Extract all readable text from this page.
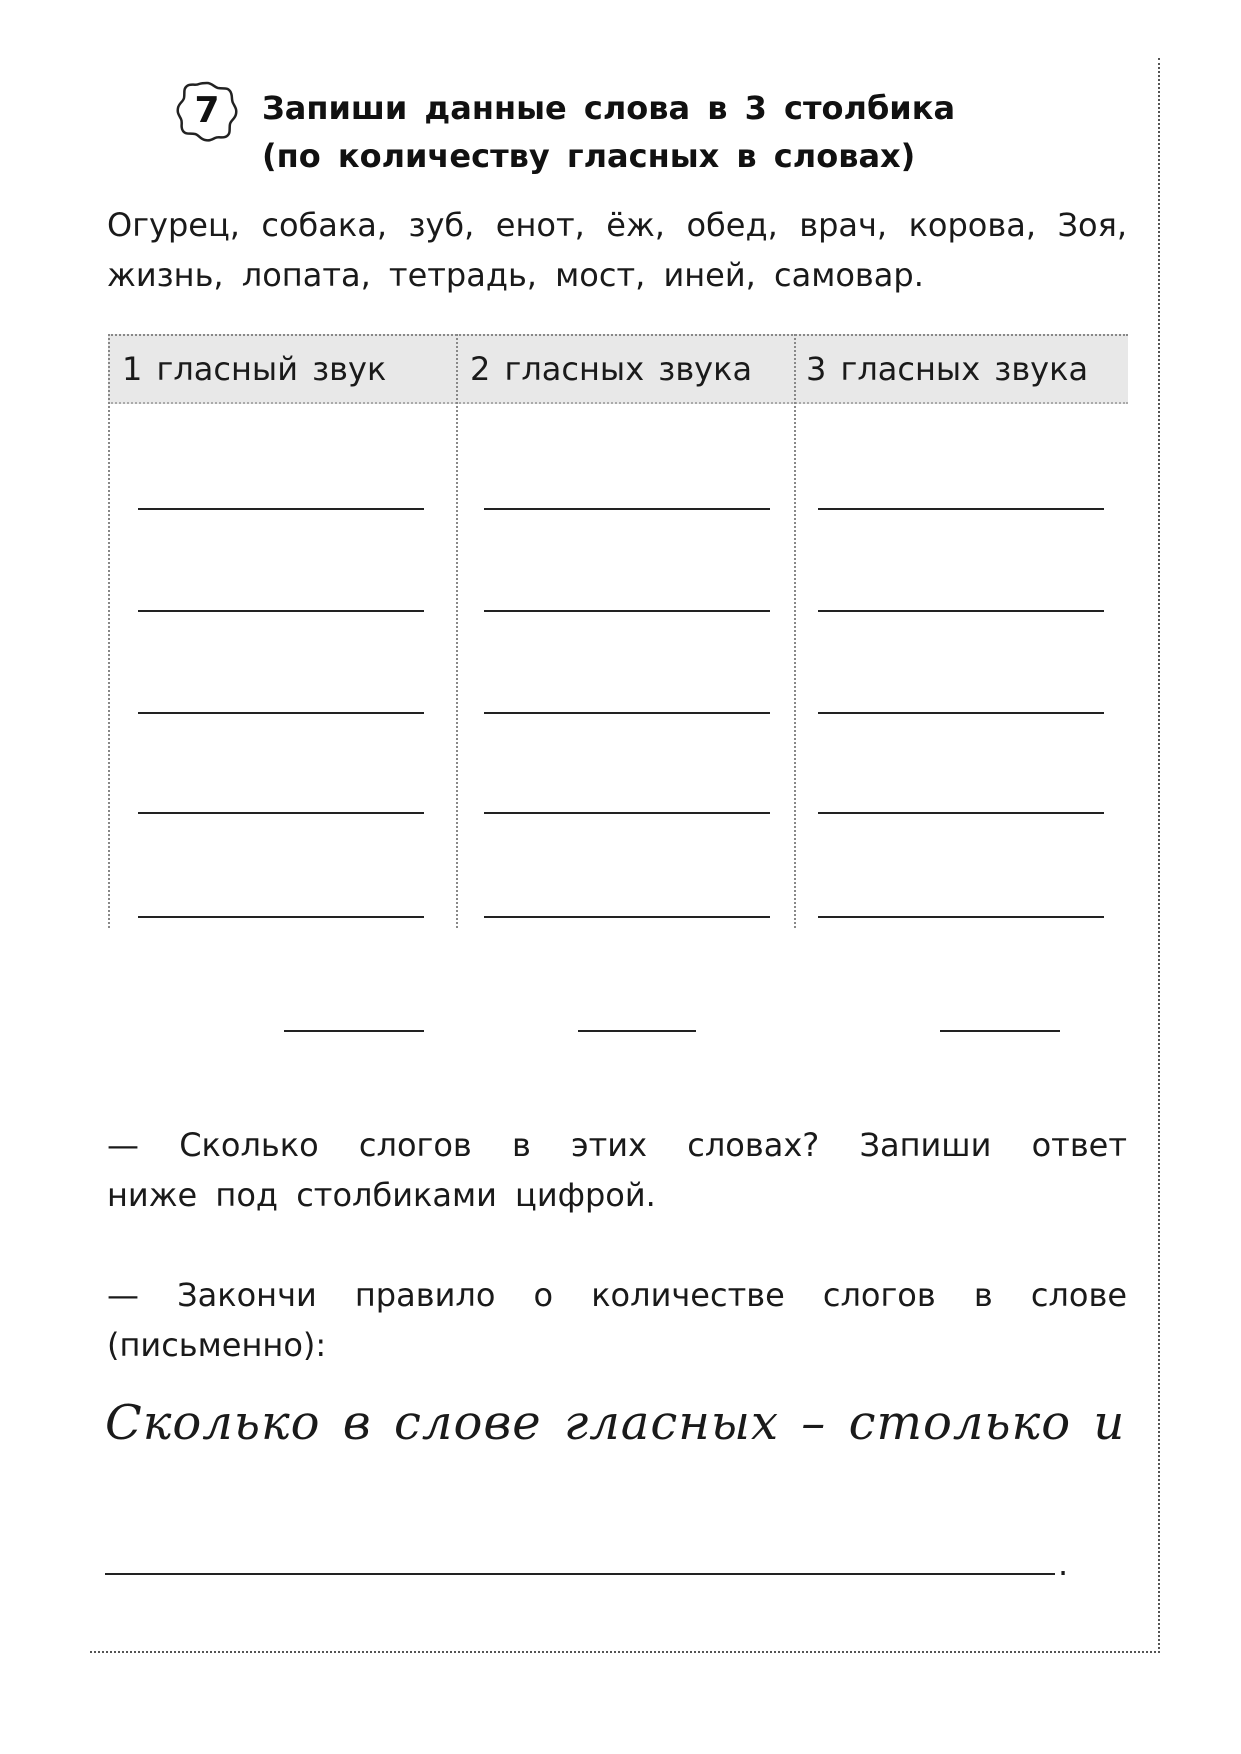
7	Запиши данные слова в 3 столбика
(по количеству гласных в словах)
Огурец, собака, зуб, енот, ёж, обед, врач, корова, Зоя,
жизнь, лопата, тетрадь, мост, иней, самовар.
1 гласный звук	2 гласных звука 3 гласных звука
— Сколько слогов в этих словах? Запиши ответ
ниже под столбиками цифрой.
— Закончи правило о количестве слогов в слове
(письменно):
Сколько в слове гласных – столько и
.
